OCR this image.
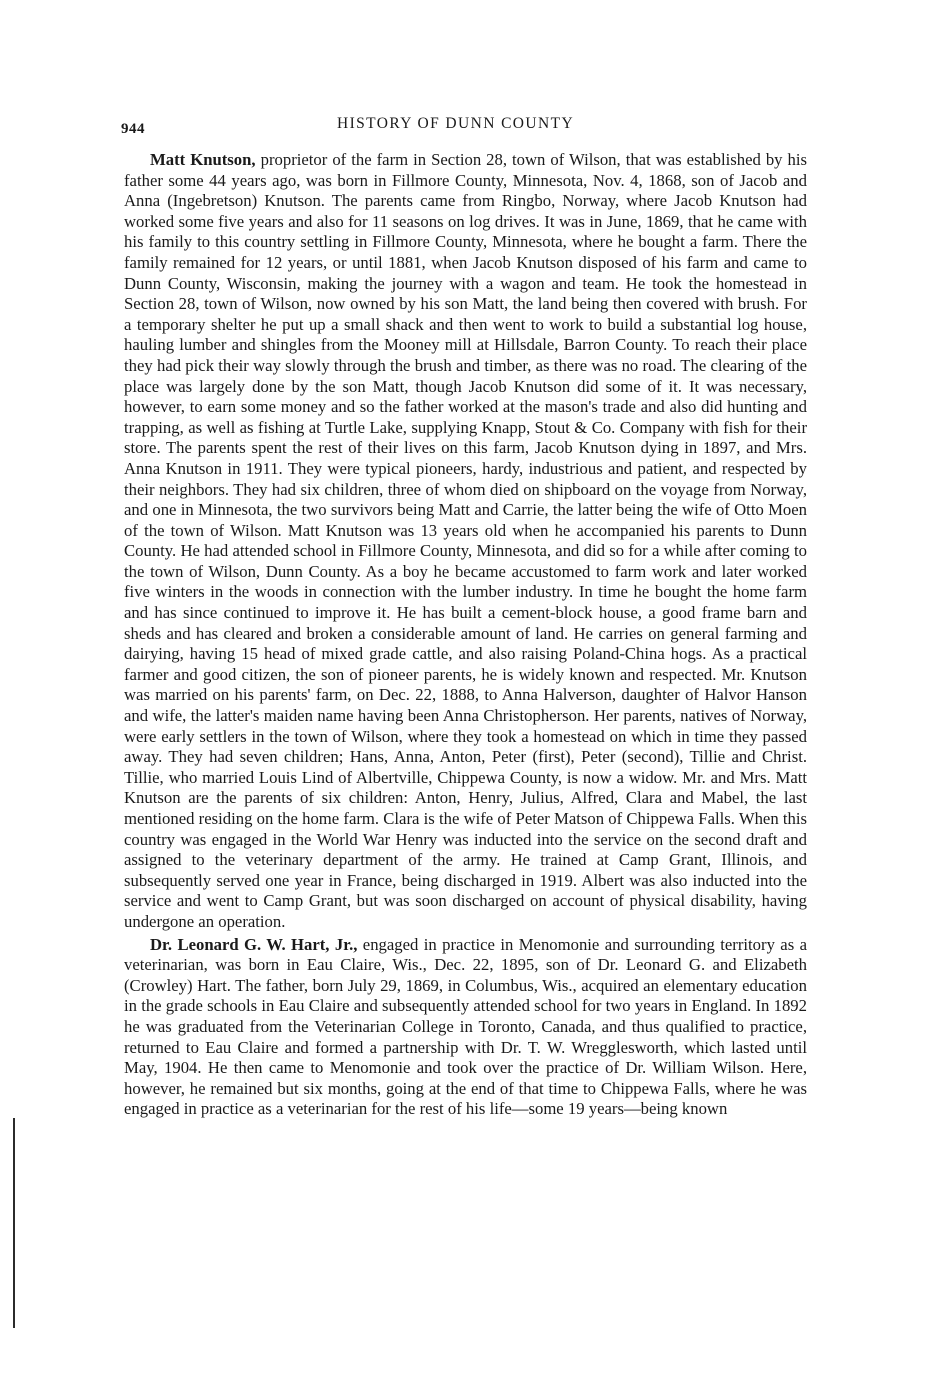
944	HISTORY OF DUNN COUNTY

Matt Knutson, proprietor of the farm in Section 28, town of Wilson, that was established by his father some 44 years ago, was born in Fillmore County, Minnesota, Nov. 4, 1868, son of Jacob and Anna (Ingebretson) Knutson. The parents came from Ringbo, Norway, where Jacob Knutson had worked some five years and also for 11 seasons on log drives. It was in June, 1869, that he came with his family to this country settling in Fillmore County, Minnesota, where he bought a farm. There the family remained for 12 years, or until 1881, when Jacob Knutson disposed of his farm and came to Dunn County, Wisconsin, making the journey with a wagon and team. He took the homestead in Section 28, town of Wilson, now owned by his son Matt, the land being then covered with brush. For a temporary shelter he put up a small shack and then went to work to build a substantial log house, hauling lumber and shingles from the Mooney mill at Hillsdale, Barron County. To reach their place they had pick their way slowly through the brush and timber, as there was no road. The clearing of the place was largely done by the son Matt, though Jacob Knutson did some of it. It was necessary, however, to earn some money and so the father worked at the mason's trade and also did hunting and trapping, as well as fishing at Turtle Lake, supplying Knapp, Stout & Co. Company with fish for their store. The parents spent the rest of their lives on this farm, Jacob Knutson dying in 1897, and Mrs. Anna Knutson in 1911. They were typical pioneers, hardy, industrious and patient, and respected by their neighbors. They had six children, three of whom died on shipboard on the voyage from Norway, and one in Minnesota, the two survivors being Matt and Carrie, the latter being the wife of Otto Moen of the town of Wilson. Matt Knutson was 13 years old when he accompanied his parents to Dunn County. He had attended school in Fillmore County, Minnesota, and did so for a while after coming to the town of Wilson, Dunn County. As a boy he became accustomed to farm work and later worked five winters in the woods in connection with the lumber industry. In time he bought the home farm and has since continued to improve it. He has built a cement-block house, a good frame barn and sheds and has cleared and broken a considerable amount of land. He carries on general farming and dairying, having 15 head of mixed grade cattle, and also raising Poland-China hogs. As a practical farmer and good citizen, the son of pioneer parents, he is widely known and respected. Mr. Knutson was married on his parents' farm, on Dec. 22, 1888, to Anna Halverson, daughter of Halvor Hanson and wife, the latter's maiden name having been Anna Christopherson. Her parents, natives of Norway, were early settlers in the town of Wilson, where they took a homestead on which in time they passed away. They had seven children; Hans, Anna, Anton, Peter (first), Peter (second), Tillie and Christ. Tillie, who married Louis Lind of Albertville, Chippewa County, is now a widow. Mr. and Mrs. Matt Knutson are the parents of six children: Anton, Henry, Julius, Alfred, Clara and Mabel, the last mentioned residing on the home farm. Clara is the wife of Peter Matson of Chippewa Falls. When this country was engaged in the World War Henry was inducted into the service on the second draft and assigned to the veterinary department of the army. He trained at Camp Grant, Illinois, and subsequently served one year in France, being discharged in 1919. Albert was also inducted into the service and went to Camp Grant, but was soon discharged on account of physical disability, having undergone an operation.

Dr. Leonard G. W. Hart, Jr., engaged in practice in Menomonie and surrounding territory as a veterinarian, was born in Eau Claire, Wis., Dec. 22, 1895, son of Dr. Leonard G. and Elizabeth (Crowley) Hart. The father, born July 29, 1869, in Columbus, Wis., acquired an elementary education in the grade schools in Eau Claire and subsequently attended school for two years in England. In 1892 he was graduated from the Veterinarian College in Toronto, Canada, and thus qualified to practice, returned to Eau Claire and formed a partnership with Dr. T. W. Wregglesworth, which lasted until May, 1904. He then came to Menomonie and took over the practice of Dr. William Wilson. Here, however, he remained but six months, going at the end of that time to Chippewa Falls, where he was engaged in practice as a veterinarian for the rest of his life—some 19 years—being known
